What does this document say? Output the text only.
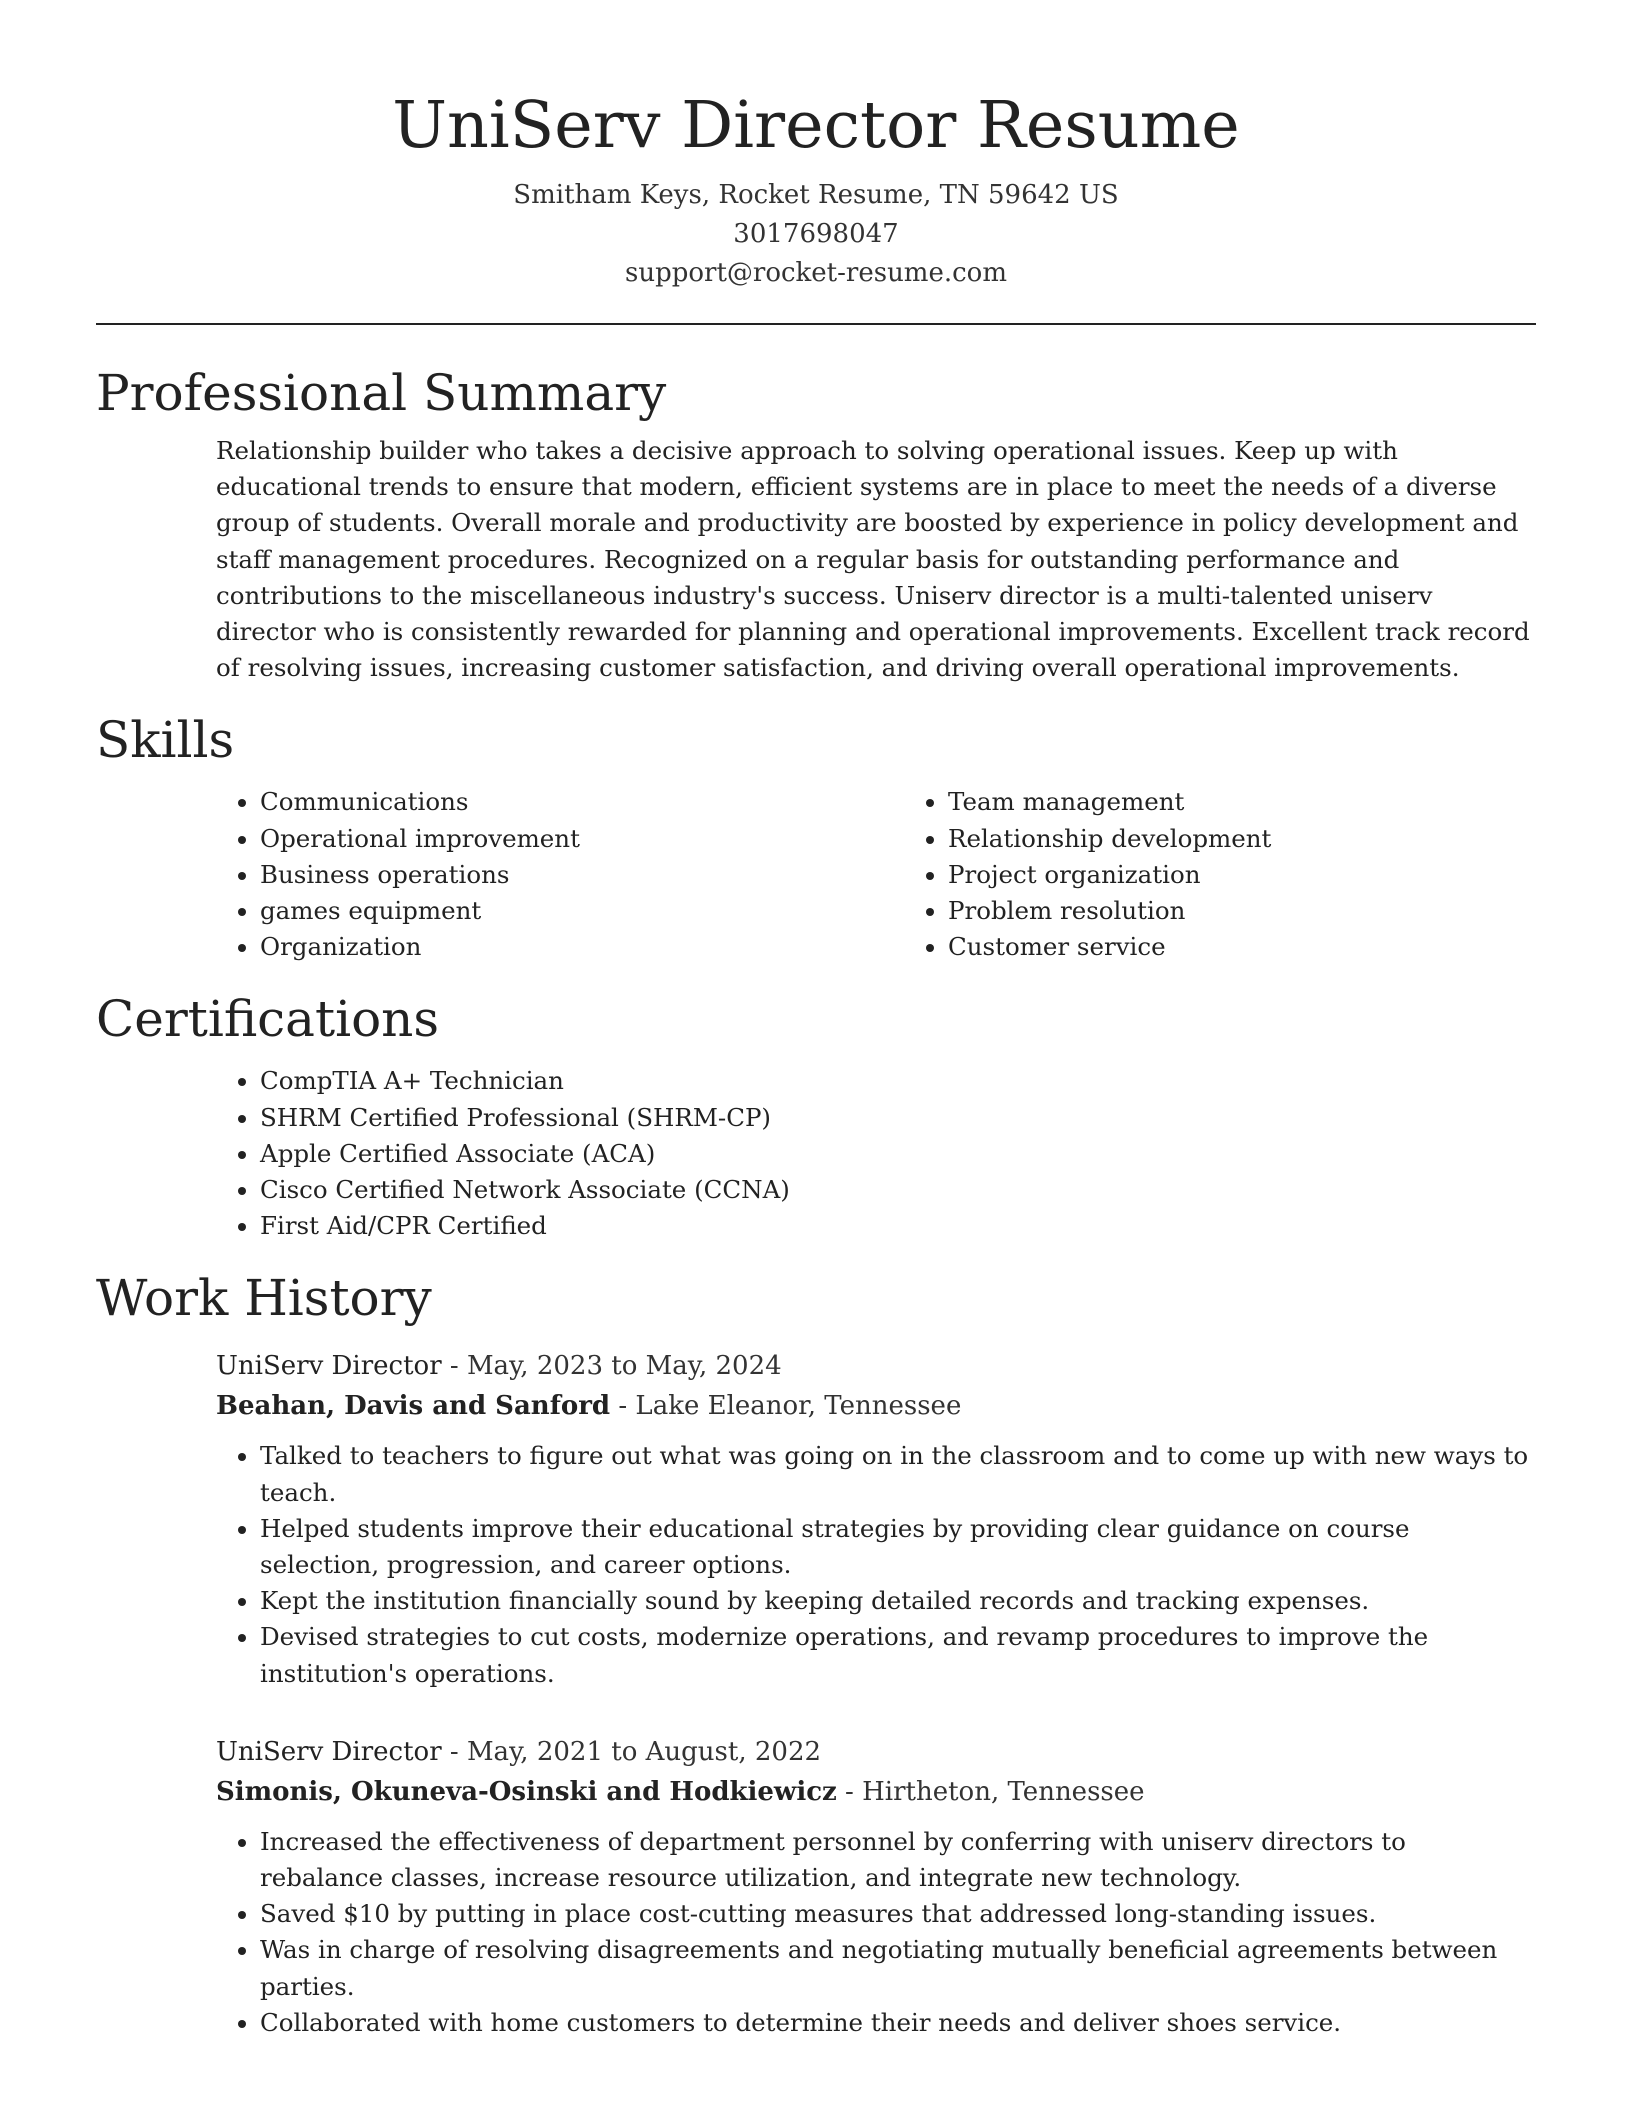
UniServ Director Resume
Smitham Keys, Rocket Resume, TN 59642 US
3017698047
support@rocket-resume.com
Professional Summary

Relationship builder who takes a decisive approach to solving operational issues. Keep up with educational trends to ensure that modern, efficient systems are in place to meet the needs of a diverse group of students. Overall morale and productivity are boosted by experience in policy development and staff management procedures. Recognized on a regular basis for outstanding performance and contributions to the miscellaneous industry's success. Uniserv director is a multi-talented uniserv director who is consistently rewarded for planning and operational improvements. Excellent track record of resolving issues, increasing customer satisfaction, and driving overall operational improvements.

Skills
• Communications
• Operational improvement
• Business operations
• games equipment
• Organization
• Team management
• Relationship development
• Project organization
• Problem resolution
• Customer service
Certifications
• CompTIA A+ Technician
• SHRM Certified Professional (SHRM-CP)
• Apple Certified Associate (ACA)
• Cisco Certified Network Associate (CCNA)
• First Aid/CPR Certified
Work History
UniServ Director - May, 2023 to May, 2024
Beahan, Davis and Sanford - Lake Eleanor, Tennessee
• Talked to teachers to figure out what was going on in the classroom and to come up with new ways to teach.
• Helped students improve their educational strategies by providing clear guidance on course selection, progression, and career options.
• Kept the institution financially sound by keeping detailed records and tracking expenses.
• Devised strategies to cut costs, modernize operations, and revamp procedures to improve the institution's operations.
UniServ Director - May, 2021 to August, 2022
Simonis, Okuneva-Osinski and Hodkiewicz - Hirtheton, Tennessee
• Increased the effectiveness of department personnel by conferring with uniserv directors to rebalance classes, increase resource utilization, and integrate new technology.
• Saved $10 by putting in place cost-cutting measures that addressed long-standing issues.
• Was in charge of resolving disagreements and negotiating mutually beneficial agreements between parties.
• Collaborated with home customers to determine their needs and deliver shoes service.
